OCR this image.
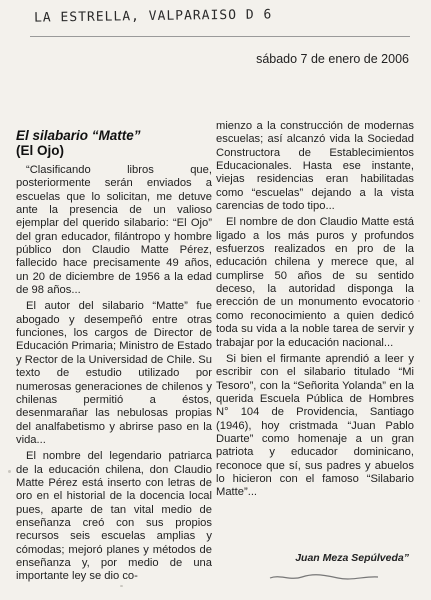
LA ESTRELLA, VALPARAISO D 6
sábado 7 de enero de 2006
El silabario “Matte”
(El Ojo)

“Clasificando libros que, posteriormente serán enviados a escuelas que lo solicitan, me detuve ante la presencia de un valioso ejemplar del querido silabario: “El Ojo” del gran educador, filántropo y hombre público don Claudio Matte Pérez, fallecido hace precisamente 49 años, un 20 de diciembre de 1956 a la edad de 98 años...

El autor del silabario “Matte” fue abogado y desempeñó entre otras funciones, los cargos de Director de Educación Primaria; Ministro de Estado y Rector de la Universidad de Chile. Su texto de estudio utilizado por numerosas generaciones de chilenos y chilenas permitió a éstos, desenmarañar las nebulosas propias del analfabetismo y abrirse paso en la vida...

El nombre del legendario patriarca de la educación chilena, don Claudio Matte Pérez está inserto con letras de oro en el historial de la docencia local pues, aparte de tan vital medio de enseñanza creó con sus propios recursos seis escuelas amplias y cómodas; mejoró planes y métodos de enseñanza y, por medio de una importante ley se dio co-

mienzo a la construcción de modernas escuelas; así alcanzó vida la Sociedad Constructora de Establecimientos Educacionales. Hasta ese instante, viejas residencias eran habilitadas como “escuelas” dejando a la vista carencias de todo tipo...

El nombre de don Claudio Matte está ligado a los más puros y profundos esfuerzos realizados en pro de la educación chilena y merece que, al cumplirse 50 años de su sentido deceso, la autoridad disponga la erección de un monumento evocatorio como reconocimiento a quien dedicó toda su vida a la noble tarea de servir y trabajar por la educación nacional...

Si bien el firmante aprendió a leer y escribir con el silabario titulado “Mi Tesoro”, con la “Señorita Yolanda” en la querida Escuela Pública de Hombres N° 104 de Providencia, Santiago (1946), hoy cristmada “Juan Pablo Duarte” como homenaje a un gran patriota y educador dominicano, reconoce que sí, sus padres y abuelos lo hicieron con el famoso “Silabario Matte”...

Juan Meza Sepúlveda”
